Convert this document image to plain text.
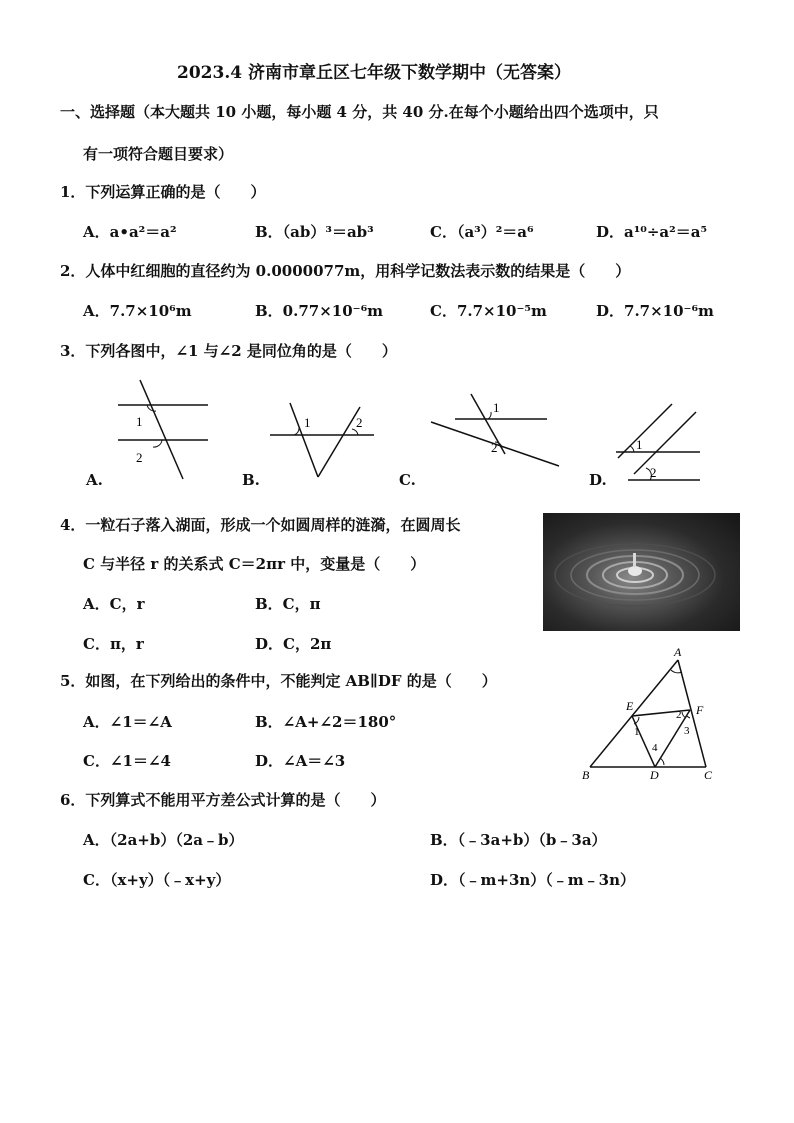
2023.4 济南市章丘区七年级下数学期中（无答案）
一、选择题（本大题共 10 小题，每小题 4 分，共 40 分.在每个小题给出四个选项中，只
有一项符合题目要求）
1．下列运算正确的是（　　）
A．a•a²＝a²	B．（ab）³＝ab³	C．（a³）²＝a⁶	D．a¹⁰÷a²＝a⁵
2．人体中红细胞的直径约为 0.0000077m，用科学记数法表示数的结果是（　　）
A．7.7×10⁶m	B．0.77×10⁻⁶m	C．7.7×10⁻⁵m	D．7.7×10⁻⁶m
3．下列各图中，∠1 与∠2 是同位角的是（　　）
1
2
A.
1	2
B.
1
2
C.
1
2
D.
4．一粒石子落入湖面，形成一个如圆周样的涟漪，在圆周长
C 与半径 r 的关系式 C＝2πr 中，变量是（　　）
A．C，r	B．C，π
C．π，r	D．C，2π
5．如图，在下列给出的条件中，不能判定 AB∥DF 的是（　　）
A．∠1＝∠A	B．∠A+∠2＝180°
C．∠1＝∠4	D．∠A＝∠3
A
E	F
B	D	C
1
2
3
4
6．下列算式不能用平方差公式计算的是（　　）
A．（2a+b）（2a﹣b）	B．（﹣3a+b）（b﹣3a）
C．（x+y）（﹣x+y）	D．（﹣m+3n）（﹣m﹣3n）
